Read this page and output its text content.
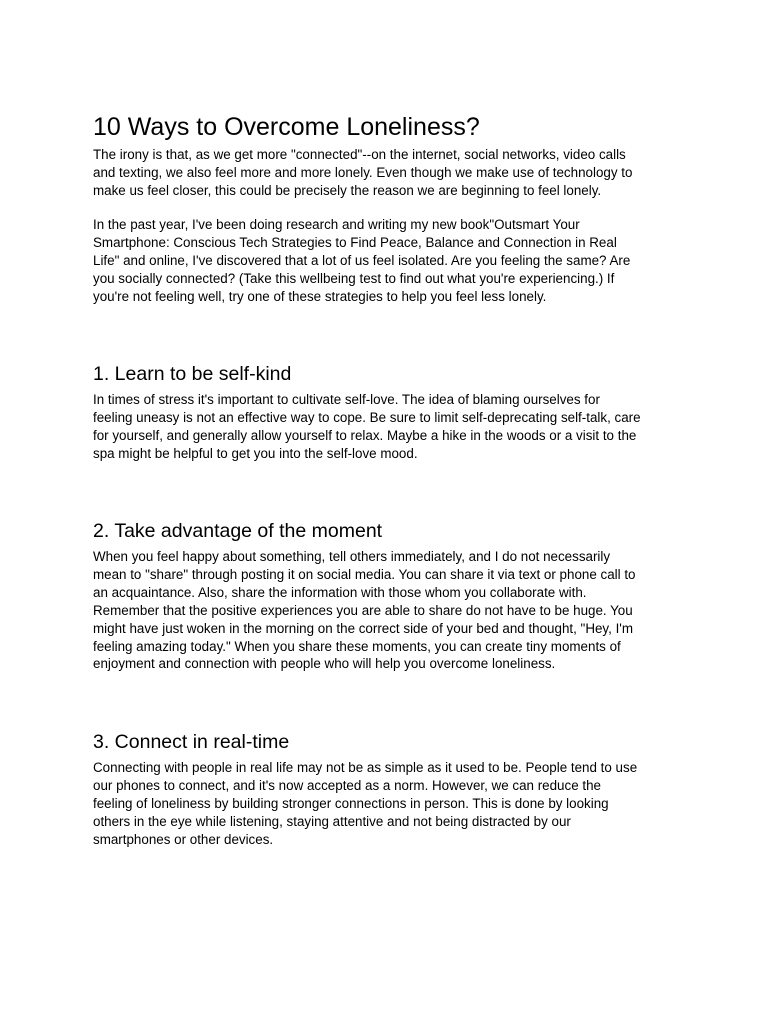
10 Ways to Overcome Loneliness?

The irony is that, as we get more "connected"--on the internet, social networks, video calls
and texting, we also feel more and more lonely. Even though we make use of technology to
make us feel closer, this could be precisely the reason we are beginning to feel lonely.

In the past year, I've been doing research and writing my new book"Outsmart Your
Smartphone: Conscious Tech Strategies to Find Peace, Balance and Connection in Real
Life" and online, I've discovered that a lot of us feel isolated. Are you feeling the same? Are
you socially connected? (Take this wellbeing test to find out what you're experiencing.) If
you're not feeling well, try one of these strategies to help you feel less lonely.

1. Learn to be self-kind

In times of stress it's important to cultivate self-love. The idea of blaming ourselves for
feeling uneasy is not an effective way to cope. Be sure to limit self-deprecating self-talk, care
for yourself, and generally allow yourself to relax. Maybe a hike in the woods or a visit to the
spa might be helpful to get you into the self-love mood.

2. Take advantage of the moment

When you feel happy about something, tell others immediately, and I do not necessarily
mean to "share" through posting it on social media. You can share it via text or phone call to
an acquaintance. Also, share the information with those whom you collaborate with.
Remember that the positive experiences you are able to share do not have to be huge. You
might have just woken in the morning on the correct side of your bed and thought, "Hey, I'm
feeling amazing today." When you share these moments, you can create tiny moments of
enjoyment and connection with people who will help you overcome loneliness.

3. Connect in real-time

Connecting with people in real life may not be as simple as it used to be. People tend to use
our phones to connect, and it's now accepted as a norm. However, we can reduce the
feeling of loneliness by building stronger connections in person. This is done by looking
others in the eye while listening, staying attentive and not being distracted by our
smartphones or other devices.
